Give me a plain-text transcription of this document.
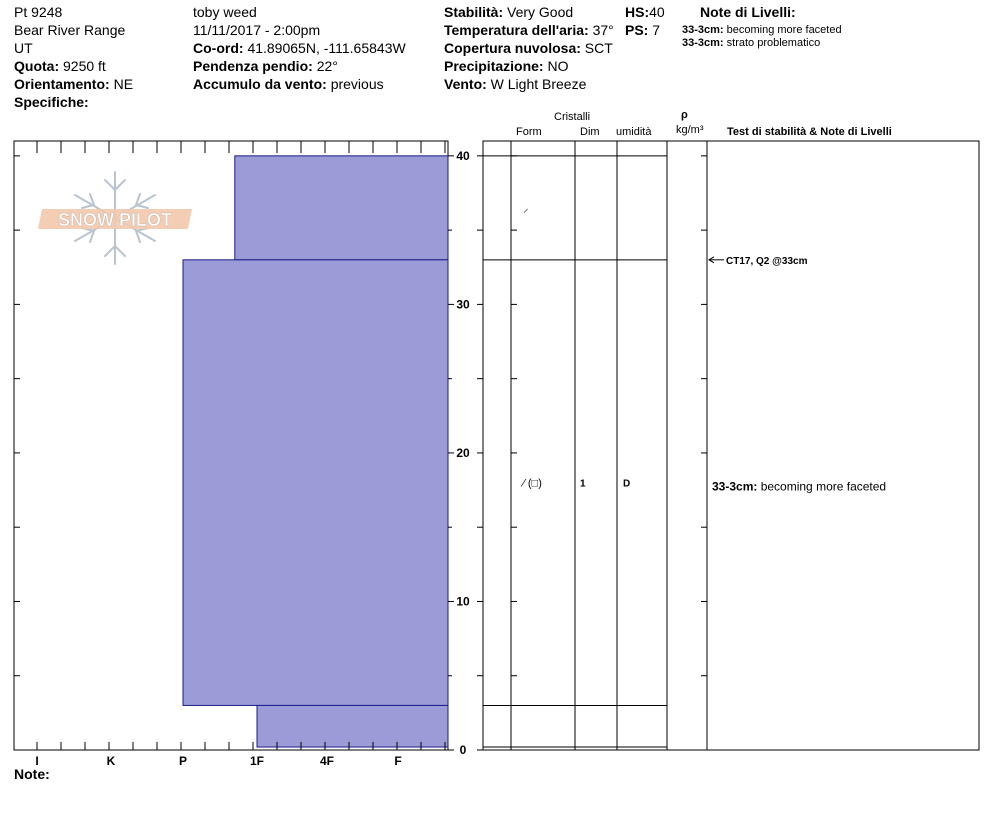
Pt 9248
Bear River Range
UT
Quota: 9250 ft
Orientamento: NE
Specifiche:
toby weed
11/11/2017 - 2:00pm
Co-ord: 41.89065N, -111.65843W
Pendenza pendio: 22°
Accumulo da vento: previous
Stabilità: Very Good	HS:40
Temperatura dell'aria: 37° PS: 7
Copertura nuvolosa: SCT
Precipitazione: NO
Vento: W Light Breeze
Note di Livelli:
33-3cm: becoming more faceted
33-3cm: strato problematico
Cristalli
Form	Dim umidità
ρ
kg/m³ Test di stabilità & Note di Livelli
Note:
SNOW PILOT
I	K	P	1F	4F	F
0
10
20
30
40
⸝
⁄ (□)	1	D
CT17, Q2 @33cm
33-3cm: becoming more faceted
